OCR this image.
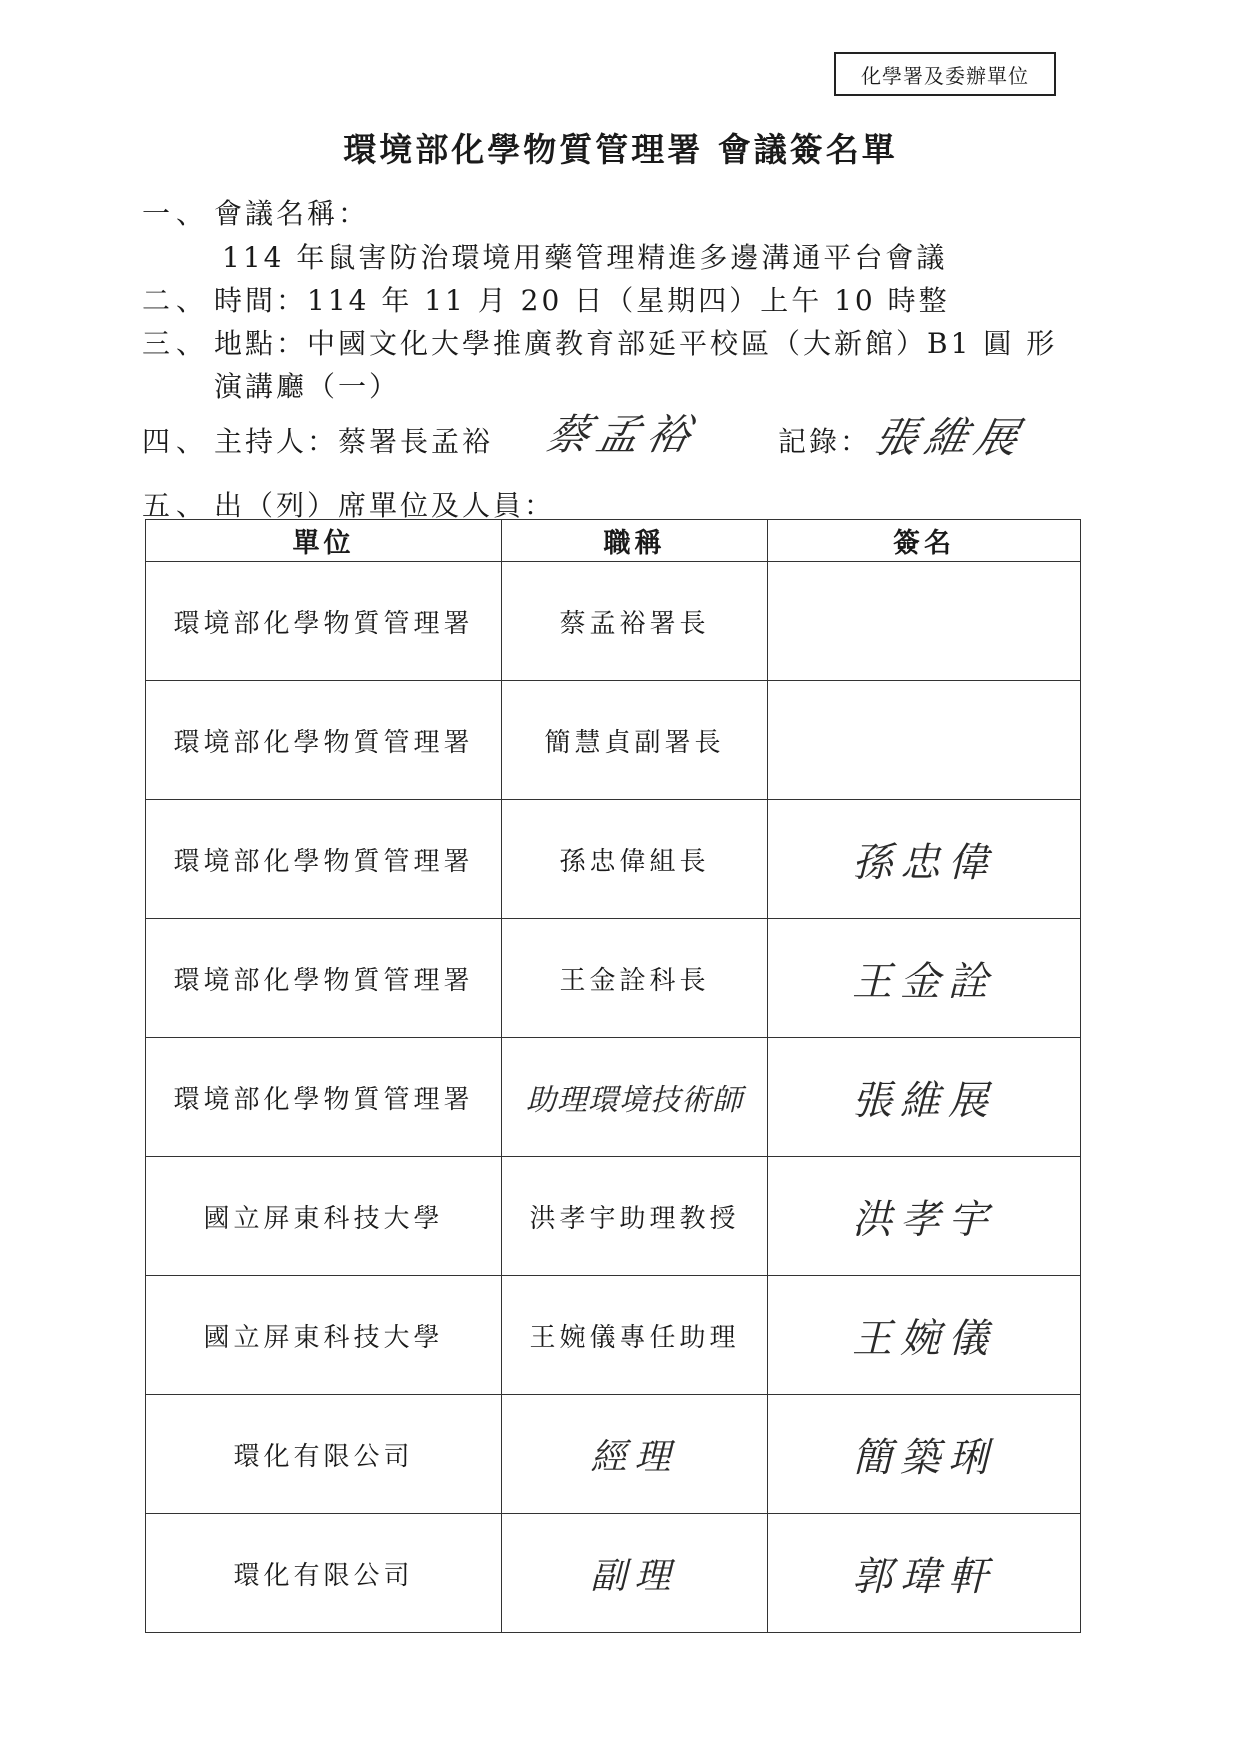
化學署及委辦單位
環境部化學物質管理署 會議簽名單
一、 會議名稱：
114 年鼠害防治環境用藥管理精進多邊溝通平台會議
二、 時間：114 年 11 月 20 日（星期四）上午 10 時整
三、 地點：中國文化大學推廣教育部延平校區（大新館）B1 圓 形
演講廳（一）
四、 主持人：蔡署長孟裕 蔡孟裕	記錄： 張維展
五、 出（列）席單位及人員：
單位	職稱	簽名
環境部化學物質管理署	蔡孟裕署長	
環境部化學物質管理署	簡慧貞副署長	
環境部化學物質管理署	孫忠偉組長	孫忠偉
環境部化學物質管理署	王金詮科長	王金詮
環境部化學物質管理署	助理環境技術師	張維展
國立屏東科技大學	洪孝宇助理教授	洪孝宇
國立屏東科技大學	王婉儀專任助理	王婉儀
環化有限公司	經理	簡築琍
環化有限公司	副理	郭瑋軒
